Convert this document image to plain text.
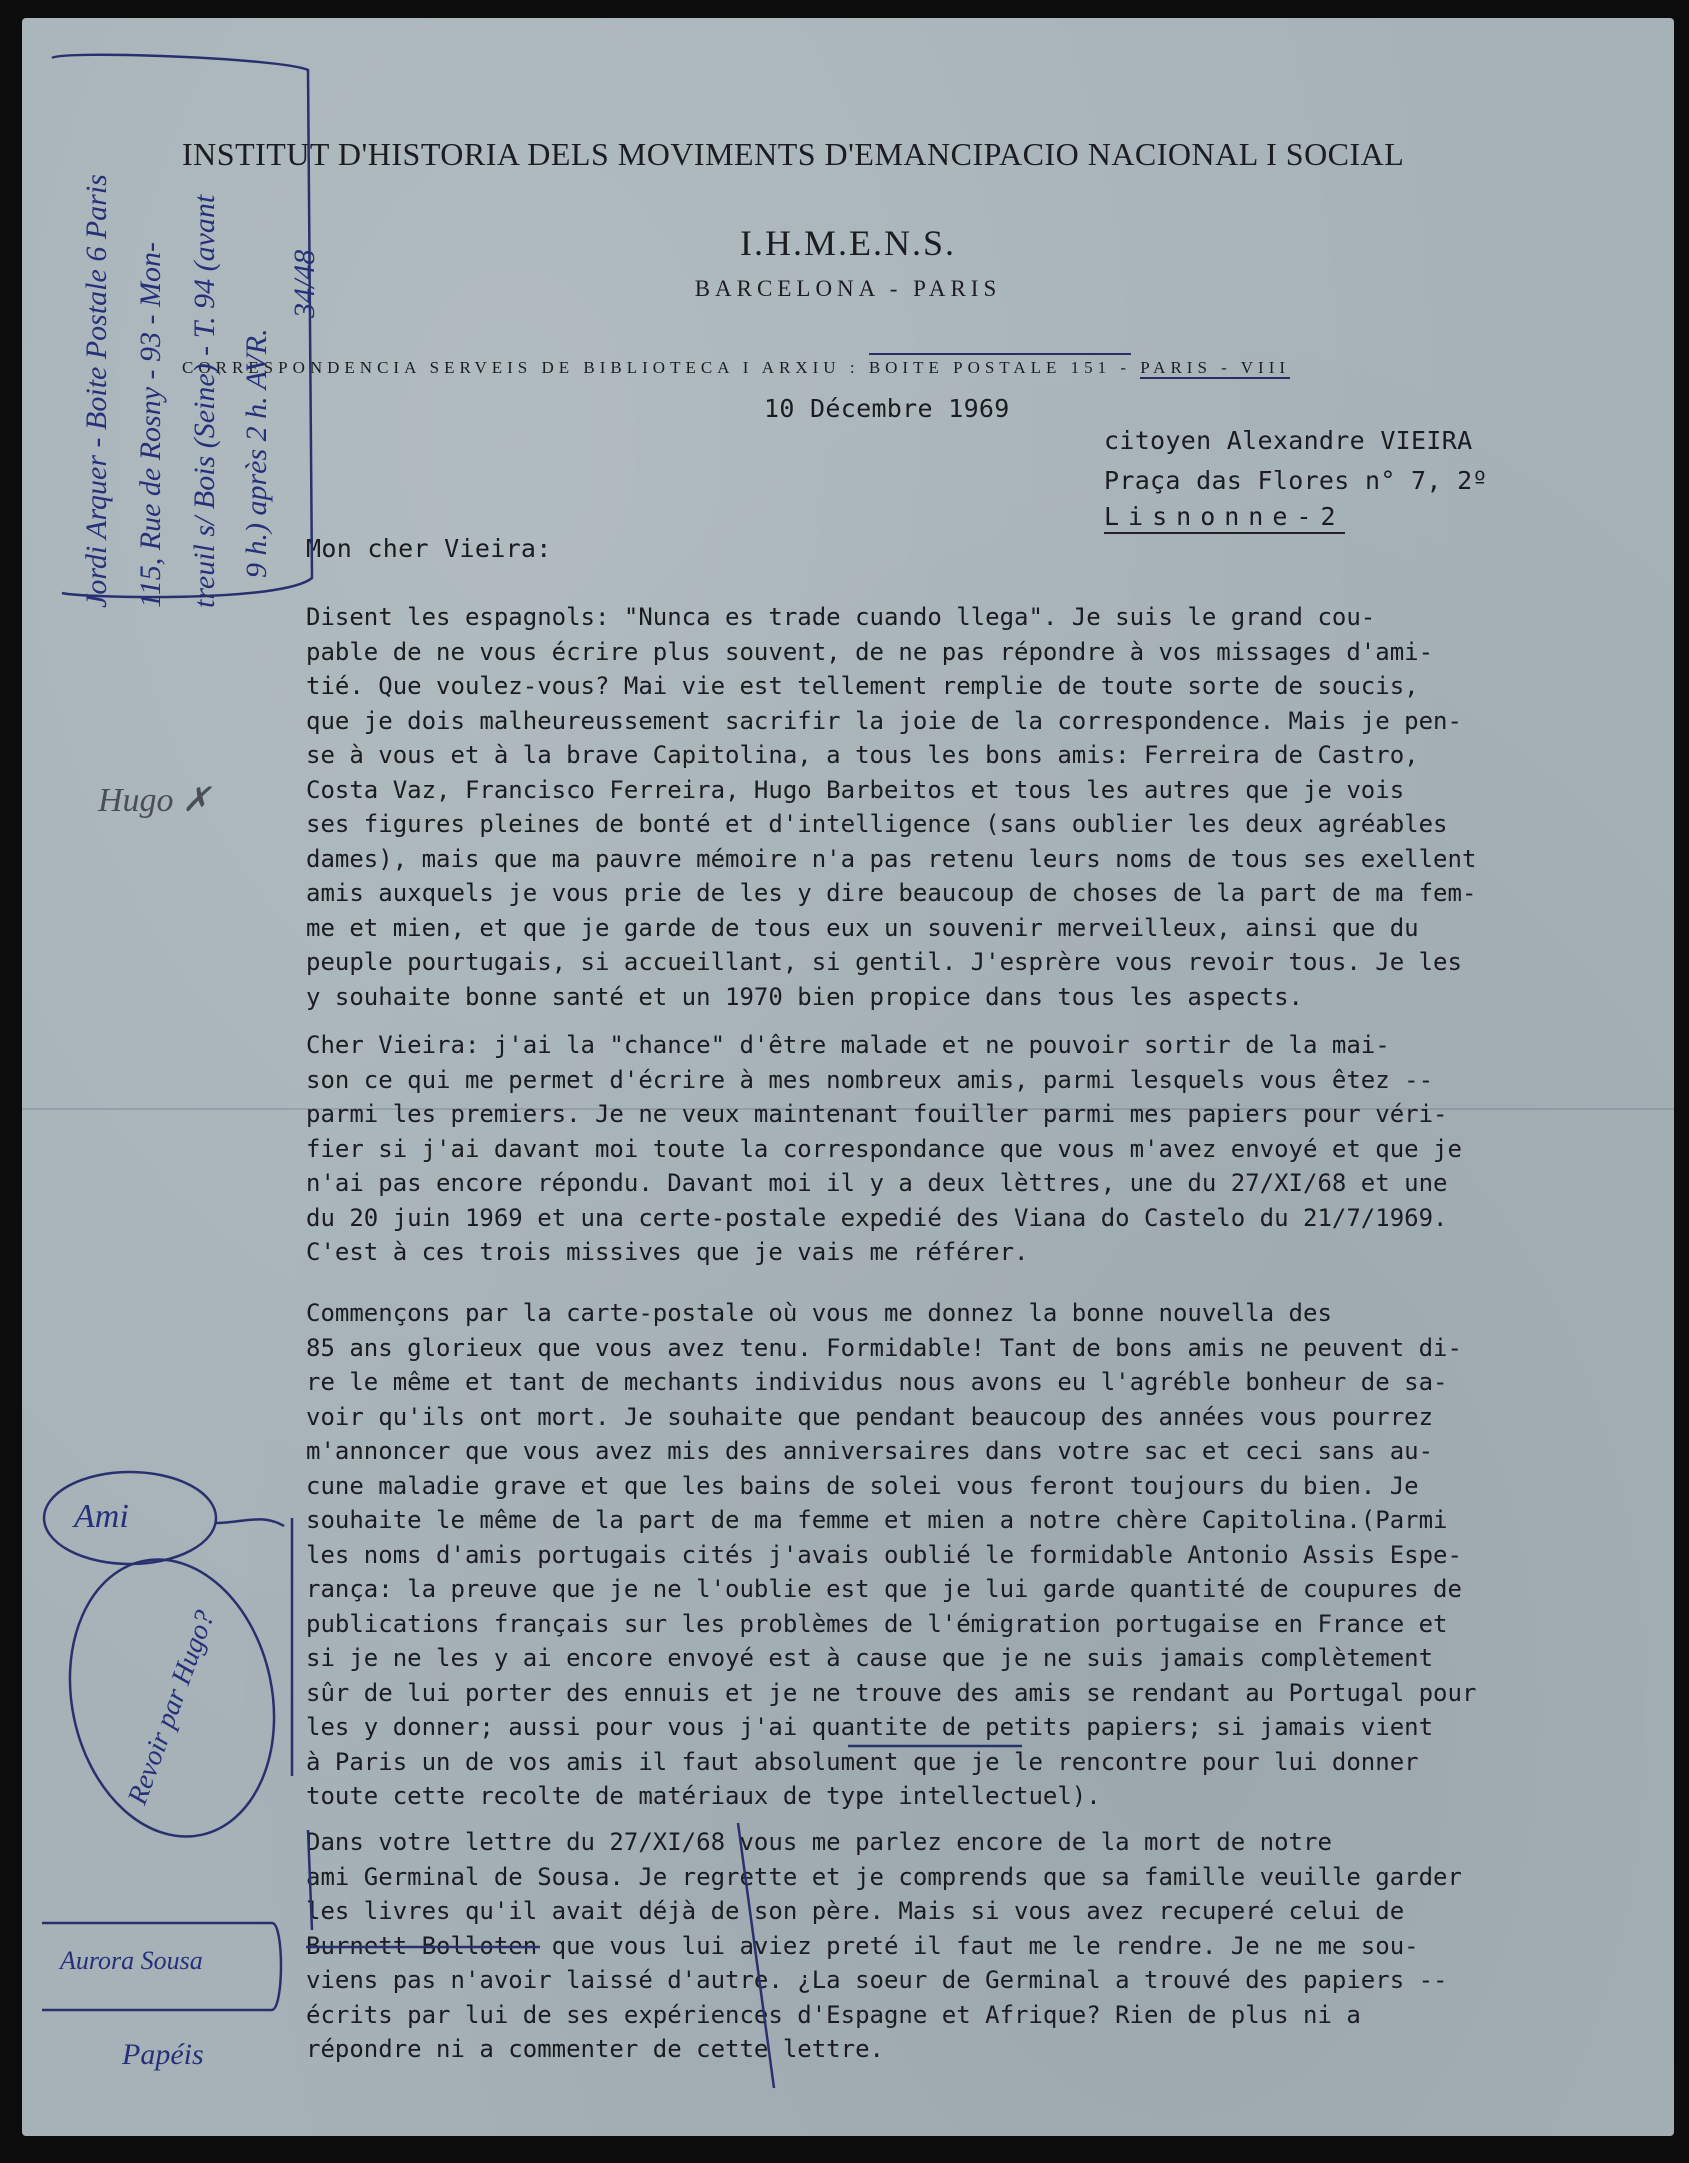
INSTITUT D'HISTORIA DELS MOVIMENTS D'EMANCIPACIO NACIONAL I SOCIAL
I.H.M.E.N.S.
BARCELONA - PARIS
CORRESPONDENCIA SERVEIS DE BIBLIOTECA I ARXIU : BOITE POSTALE 151 - PARIS - VIII
10 Décembre 1969
citoyen Alexandre VIEIRA
Praça das Flores n° 7, 2º
Lisnonne-2
Mon cher Vieira:

Disent les espagnols: "Nunca es trade cuando llega". Je suis le grand cou-

pable de ne vous écrire plus souvent, de ne pas répondre à vos missages d'ami-

tié. Que voulez-vous? Mai vie est tellement remplie de toute sorte de soucis,

que je dois malheureussement sacrifir la joie de la correspondence. Mais je pen-

se à vous et à la brave Capitolina, a tous les bons amis: Ferreira de Castro,

Costa Vaz, Francisco Ferreira, Hugo Barbeitos et tous les autres que je vois

ses figures pleines de bonté et d'intelligence (sans oublier les deux agréables

dames), mais que ma pauvre mémoire n'a pas retenu leurs noms de tous ses exellent

amis auxquels je vous prie de les y dire beaucoup de choses de la part de ma fem-

me et mien, et que je garde de tous eux un souvenir merveilleux, ainsi que du

peuple pourtugais, si accueillant, si gentil. J'esprère vous revoir tous. Je les

y souhaite bonne santé et un 1970 bien propice dans tous les aspects.

Cher Vieira: j'ai la "chance" d'être malade et ne pouvoir sortir de la mai-

son ce qui me permet d'écrire à mes nombreux amis, parmi lesquels vous êtez --

parmi les premiers. Je ne veux maintenant fouiller parmi mes papiers pour véri-

fier si j'ai davant moi toute la correspondance que vous m'avez envoyé et que je

n'ai pas encore répondu. Davant moi il y a deux lèttres, une du 27/XI/68 et une

du 20 juin 1969 et una certe-postale expedié des Viana do Castelo du 21/7/1969.

C'est à ces trois missives que je vais me référer.

Commençons par la carte-postale où vous me donnez la bonne nouvella des

85 ans glorieux que vous avez tenu. Formidable! Tant de bons amis ne peuvent di-

re le même et tant de mechants individus nous avons eu l'agréble bonheur de sa-

voir qu'ils ont mort. Je souhaite que pendant beaucoup des années vous pourrez

m'annoncer que vous avez mis des anniversaires dans votre sac et ceci sans au-

cune maladie grave et que les bains de solei vous feront toujours du bien. Je

souhaite le même de la part de ma femme et mien a notre chère Capitolina.(Parmi

les noms d'amis portugais cités j'avais oublié le formidable Antonio Assis Espe-

rança: la preuve que je ne l'oublie est que je lui garde quantité de coupures de

publications français sur les problèmes de l'émigration portugaise en France et

si je ne les y ai encore envoyé est à cause que je ne suis jamais complètement

sûr de lui porter des ennuis et je ne trouve des amis se rendant au Portugal pour

les y donner; aussi pour vous j'ai quantite de petits papiers; si jamais vient

à Paris un de vos amis il faut absolument que je le rencontre pour lui donner

toute cette recolte de matériaux de type intellectuel).

Dans votre lettre du 27/XI/68 vous me parlez encore de la mort de notre

ami Germinal de Sousa. Je regrette et je comprends que sa famille veuille garder

les livres qu'il avait déjà de son père. Mais si vous avez recuperé celui de

Burnett Bolloten que vous lui aviez preté il faut me le rendre. Je ne me sou-

viens pas n'avoir laissé d'autre. ¿La soeur de Germinal a trouvé des papiers --

écrits par lui de ses expériences d'Espagne et Afrique? Rien de plus ni a

répondre ni a commenter de cette lettre.

Jordi Arquer - Boite Postale 6 Paris 115, Rue de Rosny - 93 - Mon- treuil s/ Bois (Seine) - T. 94 (avant 9 h.) après 2 h. AVR.
34/48
Hugo ✗
Ami
Revoir par Hugo?
Aurora Sousa
Papéis
